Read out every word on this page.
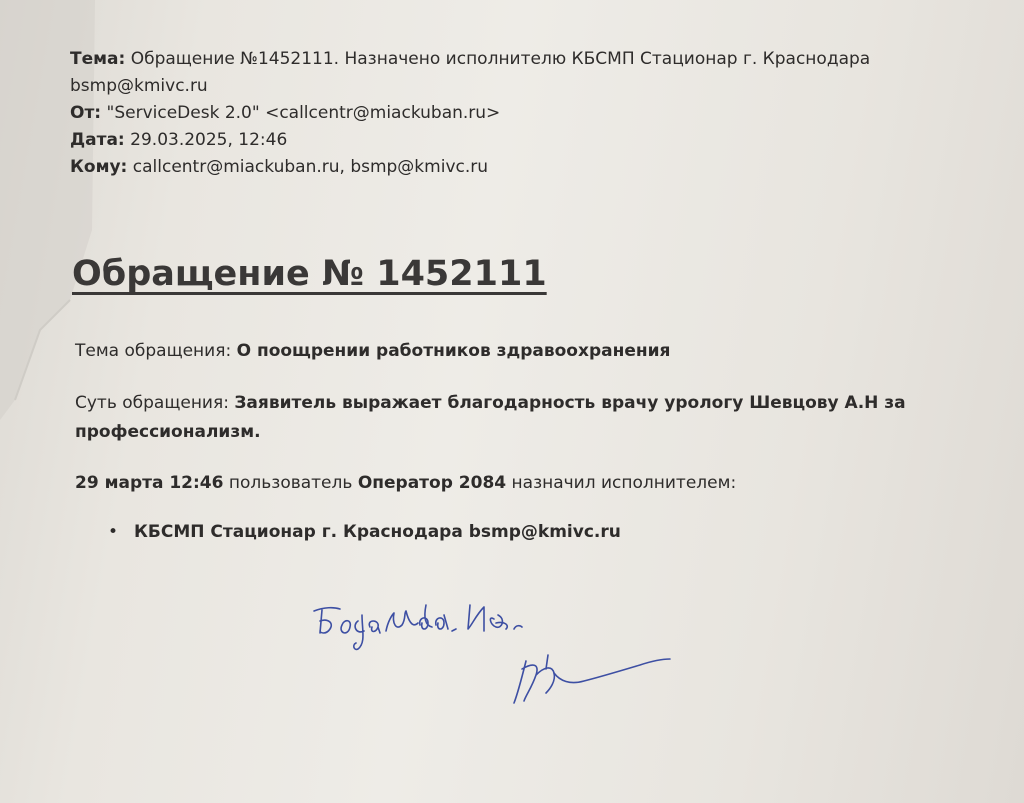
Тема: Обращение №1452111. Назначено исполнителю КБСМП Стационар г. Краснодара
bsmp@kmivc.ru
От: "ServiceDesk 2.0" <callcentr@miackuban.ru>
Дата: 29.03.2025, 12:46
Кому: callcentr@miackuban.ru, bsmp@kmivc.ru
Обращение № 1452111
Тема обращения: О поощрении работников здравоохранения
Суть обращения: Заявитель выражает благодарность врачу урологу Шевцову А.Н за профессионализм.
29 марта 12:46 пользователь Оператор 2084 назначил исполнителем:
• КБСМП Стационар г. Краснодара bsmp@kmivc.ru
